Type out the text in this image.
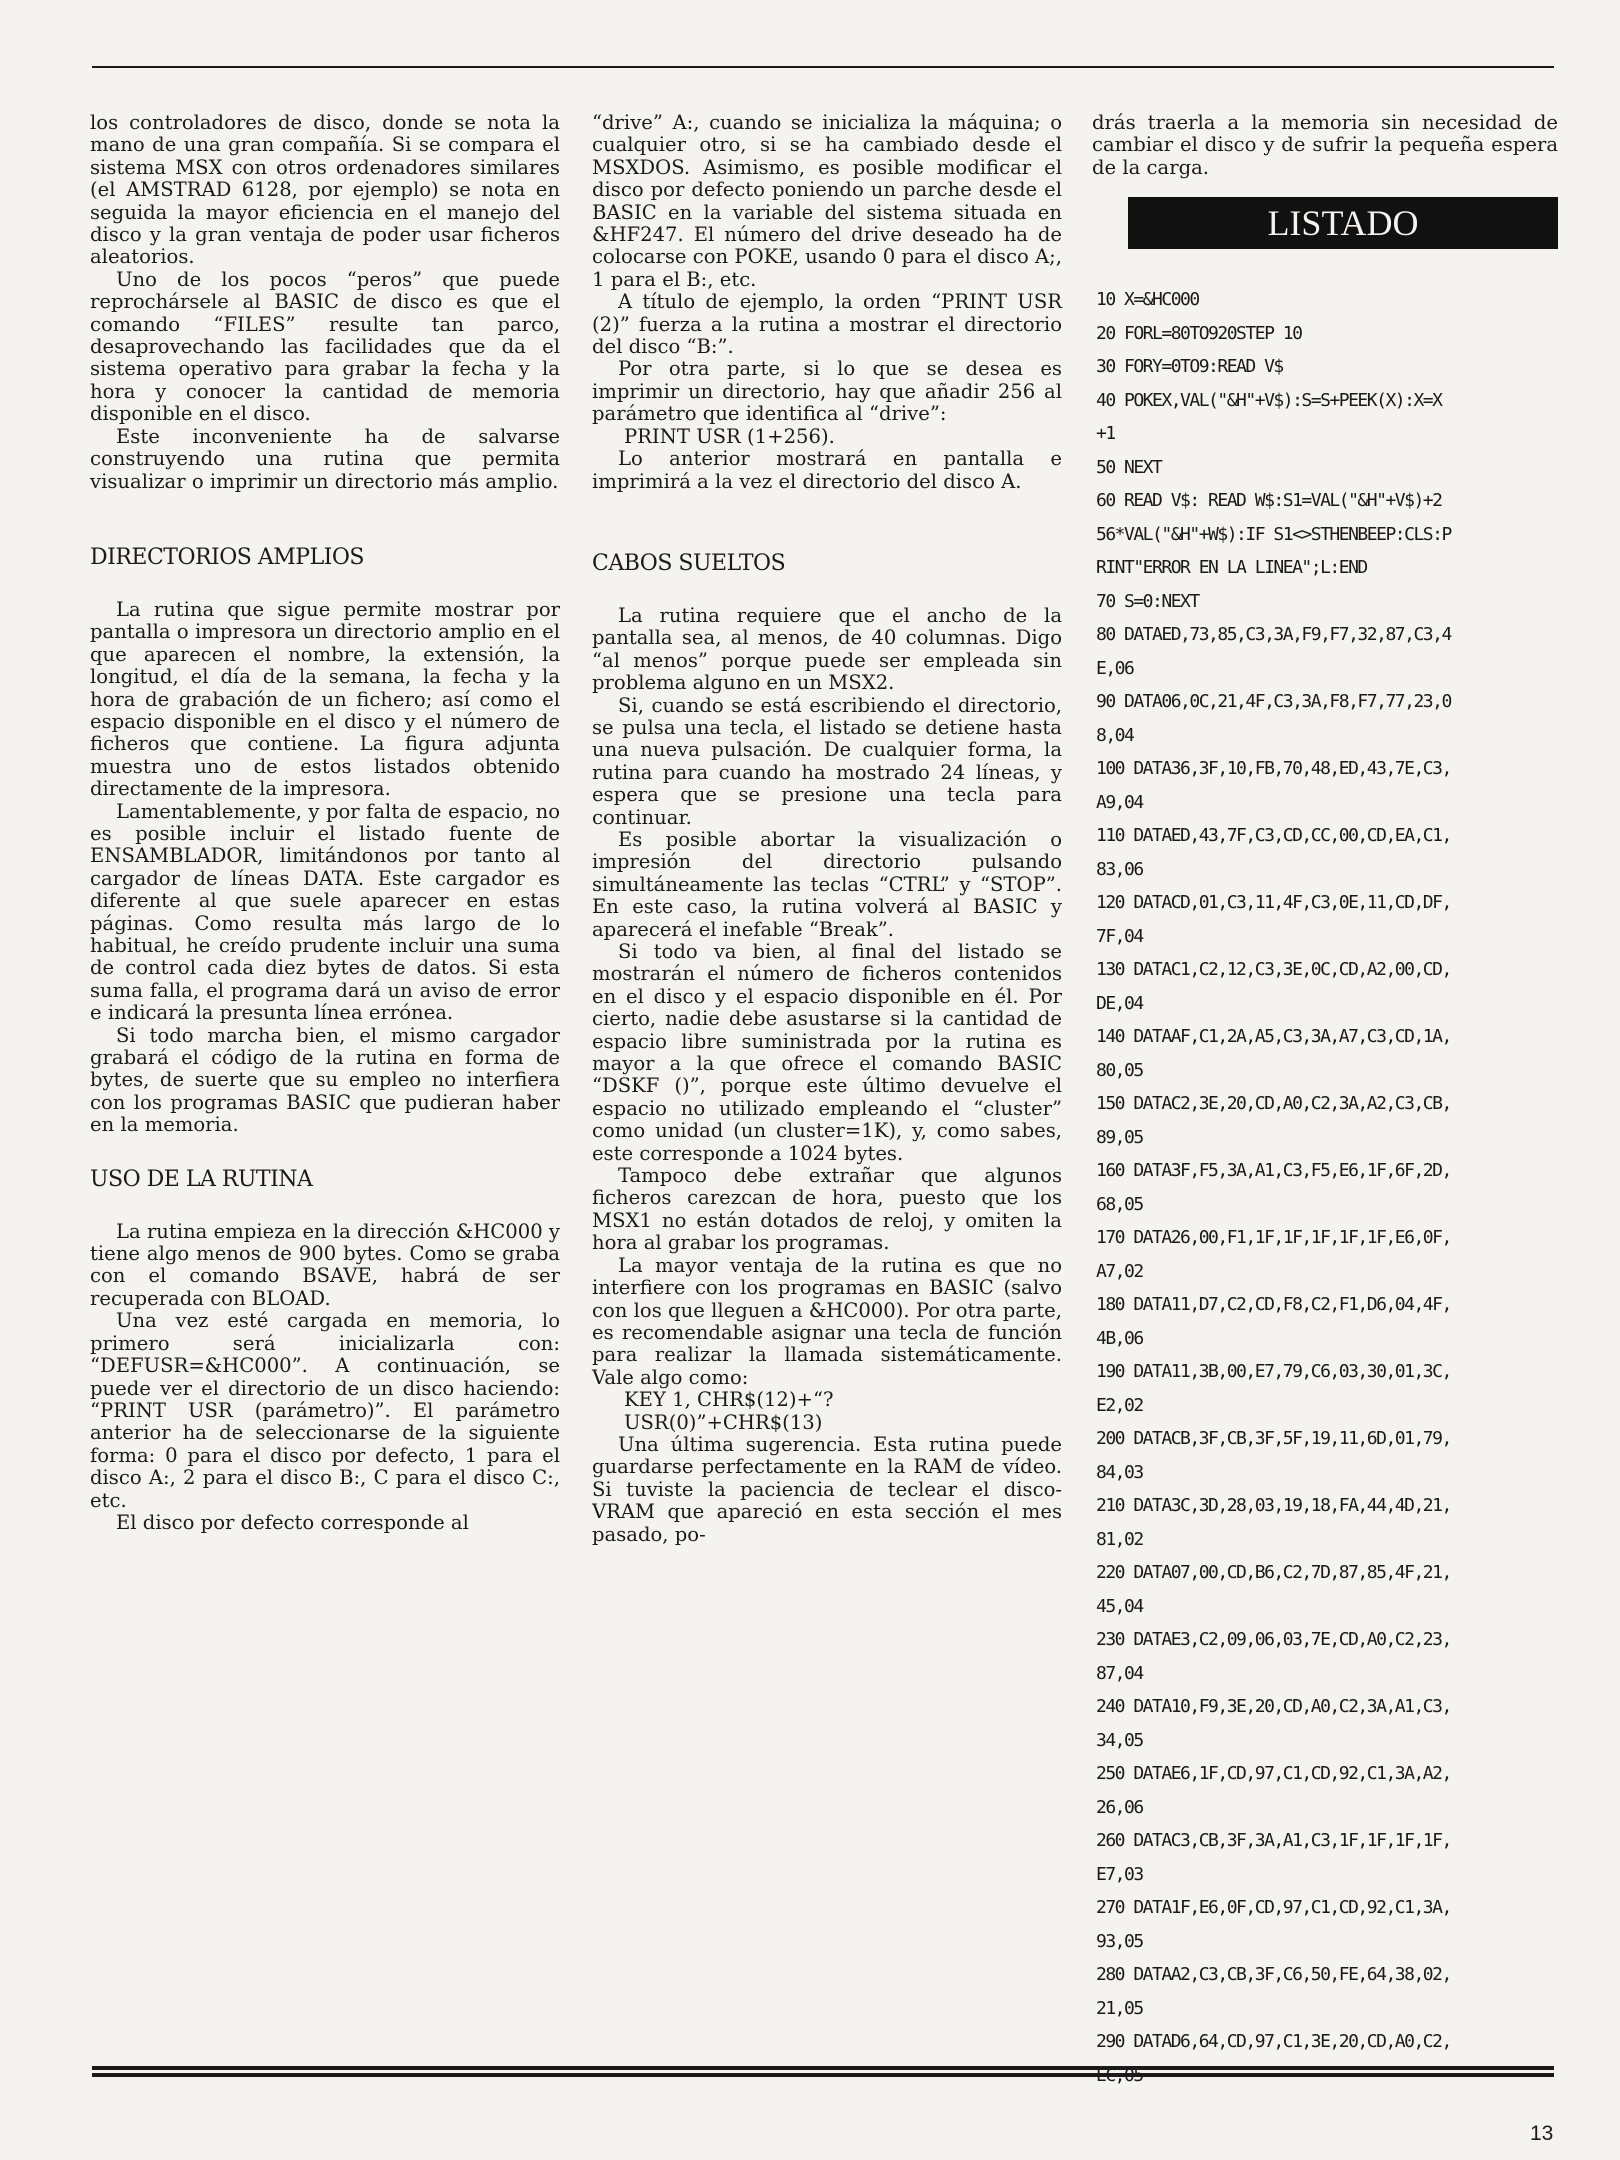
los controladores de disco, donde se nota la mano de una gran compañía. Si se compara el sistema MSX con otros ordenadores similares (el AMSTRAD 6128, por ejemplo) se nota en seguida la mayor eficiencia en el manejo del disco y la gran ventaja de poder usar ficheros aleatorios.

Uno de los pocos “peros” que puede reprochársele al BASIC de disco es que el comando “FILES” resulte tan parco, desaprovechando las facilidades que da el sistema operativo para grabar la fecha y la hora y conocer la cantidad de memoria disponible en el disco.

Este inconveniente ha de salvarse construyendo una rutina que permita visualizar o imprimir un directorio más amplio.

DIRECTORIOS AMPLIOS

La rutina que sigue permite mostrar por pantalla o impresora un directorio amplio en el que aparecen el nombre, la extensión, la longitud, el día de la semana, la fecha y la hora de grabación de un fichero; así como el espacio disponible en el disco y el número de ficheros que contiene. La figura adjunta muestra uno de estos listados obtenido directamente de la impresora.

Lamentablemente, y por falta de espacio, no es posible incluir el listado fuente de ENSAMBLADOR, limitándonos por tanto al cargador de líneas DATA. Este cargador es diferente al que suele aparecer en estas páginas. Como resulta más largo de lo habitual, he creído prudente incluir una suma de control cada diez bytes de datos. Si esta suma falla, el programa dará un aviso de error e indicará la presunta línea errónea.

Si todo marcha bien, el mismo cargador grabará el código de la rutina en forma de bytes, de suerte que su empleo no interfiera con los programas BASIC que pudieran haber en la memoria.

USO DE LA RUTINA

La rutina empieza en la dirección &HC000 y tiene algo menos de 900 bytes. Como se graba con el comando BSAVE, habrá de ser recuperada con BLOAD.

Una vez esté cargada en memoria, lo primero será inicializarla con: “DEFUSR=&HC000”. A continuación, se puede ver el directorio de un disco haciendo: “PRINT USR (parámetro)”. El parámetro anterior ha de seleccionarse de la siguiente forma: 0 para el disco por defecto, 1 para el disco A:, 2 para el disco B:, C para el disco C:, etc.

El disco por defecto corresponde al

“drive” A:, cuando se inicializa la máquina; o cualquier otro, si se ha cambiado desde el MSXDOS. Asimismo, es posible modificar el disco por defecto poniendo un parche desde el BASIC en la variable del sistema situada en &HF247. El número del drive deseado ha de colocarse con POKE, usando 0 para el disco A;, 1 para el B:, etc.

A título de ejemplo, la orden “PRINT USR (2)” fuerza a la rutina a mostrar el directorio del disco “B:”.

Por otra parte, si lo que se desea es imprimir un directorio, hay que añadir 256 al parámetro que identifica al “drive”:

PRINT USR (1+256).

Lo anterior mostrará en pantalla e imprimirá a la vez el directorio del disco A.

CABOS SUELTOS

La rutina requiere que el ancho de la pantalla sea, al menos, de 40 columnas. Digo “al menos” porque puede ser empleada sin problema alguno en un MSX2.

Si, cuando se está escribiendo el directorio, se pulsa una tecla, el listado se detiene hasta una nueva pulsación. De cualquier forma, la rutina para cuando ha mostrado 24 líneas, y espera que se presione una tecla para continuar.

Es posible abortar la visualización o impresión del directorio pulsando simultáneamente las teclas “CTRL” y “STOP”. En este caso, la rutina volverá al BASIC y aparecerá el inefable “Break”.

Si todo va bien, al final del listado se mostrarán el número de ficheros contenidos en el disco y el espacio disponible en él. Por cierto, nadie debe asustarse si la cantidad de espacio libre suministrada por la rutina es mayor a la que ofrece el comando BASIC “DSKF ()”, porque este último devuelve el espacio no utilizado empleando el “cluster” como unidad (un cluster=1K), y, como sabes, este corresponde a 1024 bytes.

Tampoco debe extrañar que algunos ficheros carezcan de hora, puesto que los MSX1 no están dotados de reloj, y omiten la hora al grabar los programas.

La mayor ventaja de la rutina es que no interfiere con los programas en BASIC (salvo con los que lleguen a &HC000). Por otra parte, es recomendable asignar una tecla de función para realizar la llamada sistemáticamente. Vale algo como:

KEY 1, CHR$(12)+“?

USR(0)”+CHR$(13)

Una última sugerencia. Esta rutina puede guardarse perfectamente en la RAM de vídeo. Si tuviste la paciencia de teclear el disco-VRAM que apareció en esta sección el mes pasado, po-

drás traerla a la memoria sin necesidad de cambiar el disco y de sufrir la pequeña espera de la carga.

LISTADO
10 X=&HC000
20 FORL=80TO920STEP 10
30 FORY=0TO9:READ V$
40 POKEX,VAL("&H"+V$):S=S+PEEK(X):X=X
+1
50 NEXT
60 READ V$: READ W$:S1=VAL("&H"+V$)+2
56*VAL("&H"+W$):IF S1<>STHENBEEP:CLS:P
RINT"ERROR EN LA LINEA";L:END
70 S=0:NEXT
80 DATAED,73,85,C3,3A,F9,F7,32,87,C3,4
E,06
90 DATA06,0C,21,4F,C3,3A,F8,F7,77,23,0
8,04
100 DATA36,3F,10,FB,70,48,ED,43,7E,C3,
A9,04
110 DATAED,43,7F,C3,CD,CC,00,CD,EA,C1,
83,06
120 DATACD,01,C3,11,4F,C3,0E,11,CD,DF,
7F,04
130 DATAC1,C2,12,C3,3E,0C,CD,A2,00,CD,
DE,04
140 DATAAF,C1,2A,A5,C3,3A,A7,C3,CD,1A,
80,05
150 DATAC2,3E,20,CD,A0,C2,3A,A2,C3,CB,
89,05
160 DATA3F,F5,3A,A1,C3,F5,E6,1F,6F,2D,
68,05
170 DATA26,00,F1,1F,1F,1F,1F,1F,E6,0F,
A7,02
180 DATA11,D7,C2,CD,F8,C2,F1,D6,04,4F,
4B,06
190 DATA11,3B,00,E7,79,C6,03,30,01,3C,
E2,02
200 DATACB,3F,CB,3F,5F,19,11,6D,01,79,
84,03
210 DATA3C,3D,28,03,19,18,FA,44,4D,21,
81,02
220 DATA07,00,CD,B6,C2,7D,87,85,4F,21,
45,04
230 DATAE3,C2,09,06,03,7E,CD,A0,C2,23,
87,04
240 DATA10,F9,3E,20,CD,A0,C2,3A,A1,C3,
34,05
250 DATAE6,1F,CD,97,C1,CD,92,C1,3A,A2,
26,06
260 DATAC3,CB,3F,3A,A1,C3,1F,1F,1F,1F,
E7,03
270 DATA1F,E6,0F,CD,97,C1,CD,92,C1,3A,
93,05
280 DATAA2,C3,CB,3F,C6,50,FE,64,38,02,
21,05
290 DATAD6,64,CD,97,C1,3E,20,CD,A0,C2,
13
